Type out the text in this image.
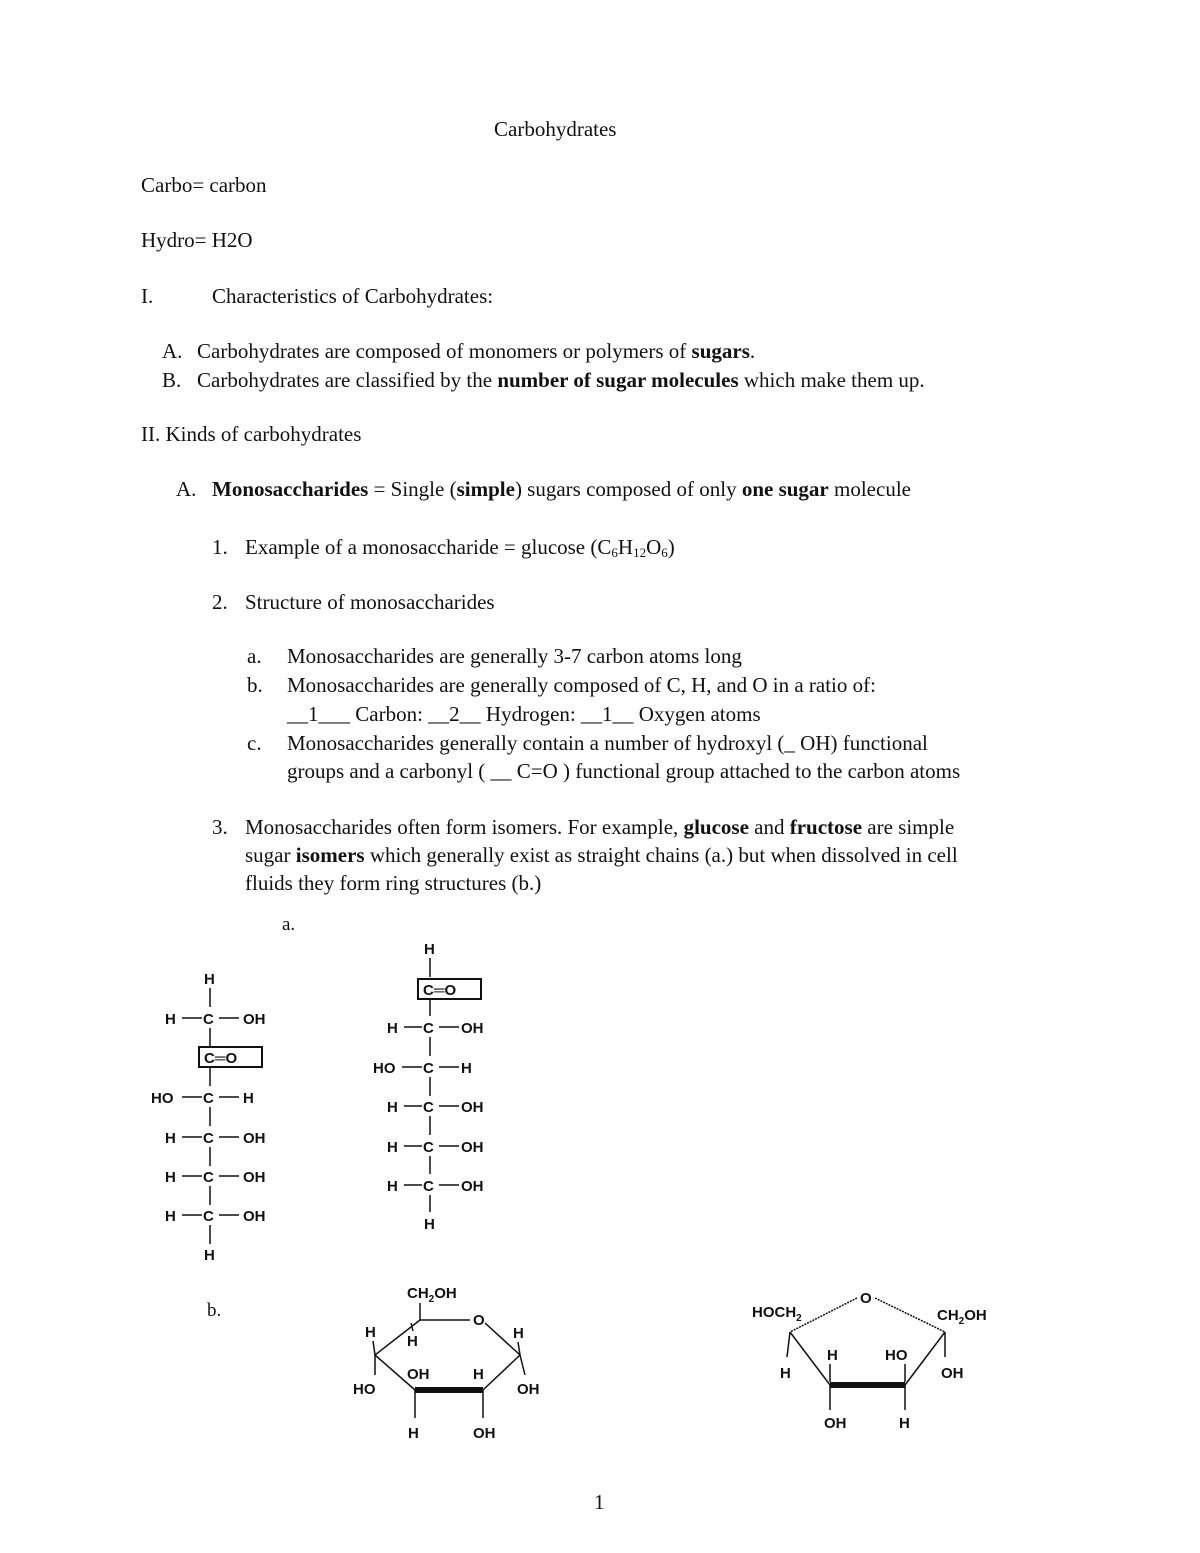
Carbohydrates
Carbo= carbon
Hydro= H2O
I.	Characteristics of Carbohydrates:
A. Carbohydrates are composed of monomers or polymers of sugars.
B. Carbohydrates are classified by the number of sugar molecules which make them up.
II. Kinds of carbohydrates
A. Monosaccharides = Single (simple) sugars composed of only one sugar molecule
1. Example of a monosaccharide = glucose $(C_6H_{12}O_6)$
2. Structure of monosaccharides
a. Monosaccharides are generally 3-7 carbon atoms long
b. Monosaccharides are generally composed of C, H, and O in a ratio of:
__1___ Carbon: __2__ Hydrogen: __1__ Oxygen atoms
c. Monosaccharides generally contain a number of hydroxyl (_ OH) functional
groups and a carbonyl ( __ C=O ) functional group attached to the carbon atoms
3. Monosaccharides often form isomers. For example, glucose and fructose are simple
sugar isomers which generally exist as straight chains (a.) but when dissolved in cell
fluids they form ring structures (b.)
a.
b.
H
H C OH
C═O
HO C H
H C OH
H C OH
H C OH
H
H
C═O
H C OH
HO C H
H C OH
H C OH
H C OH
H
$CH_2OH$
O
H
H
OH	H
H
HO	OH
H	OH
O
$HOCH_2$	$CH_2OH$
H	OH
H	HO
OH	H
1
